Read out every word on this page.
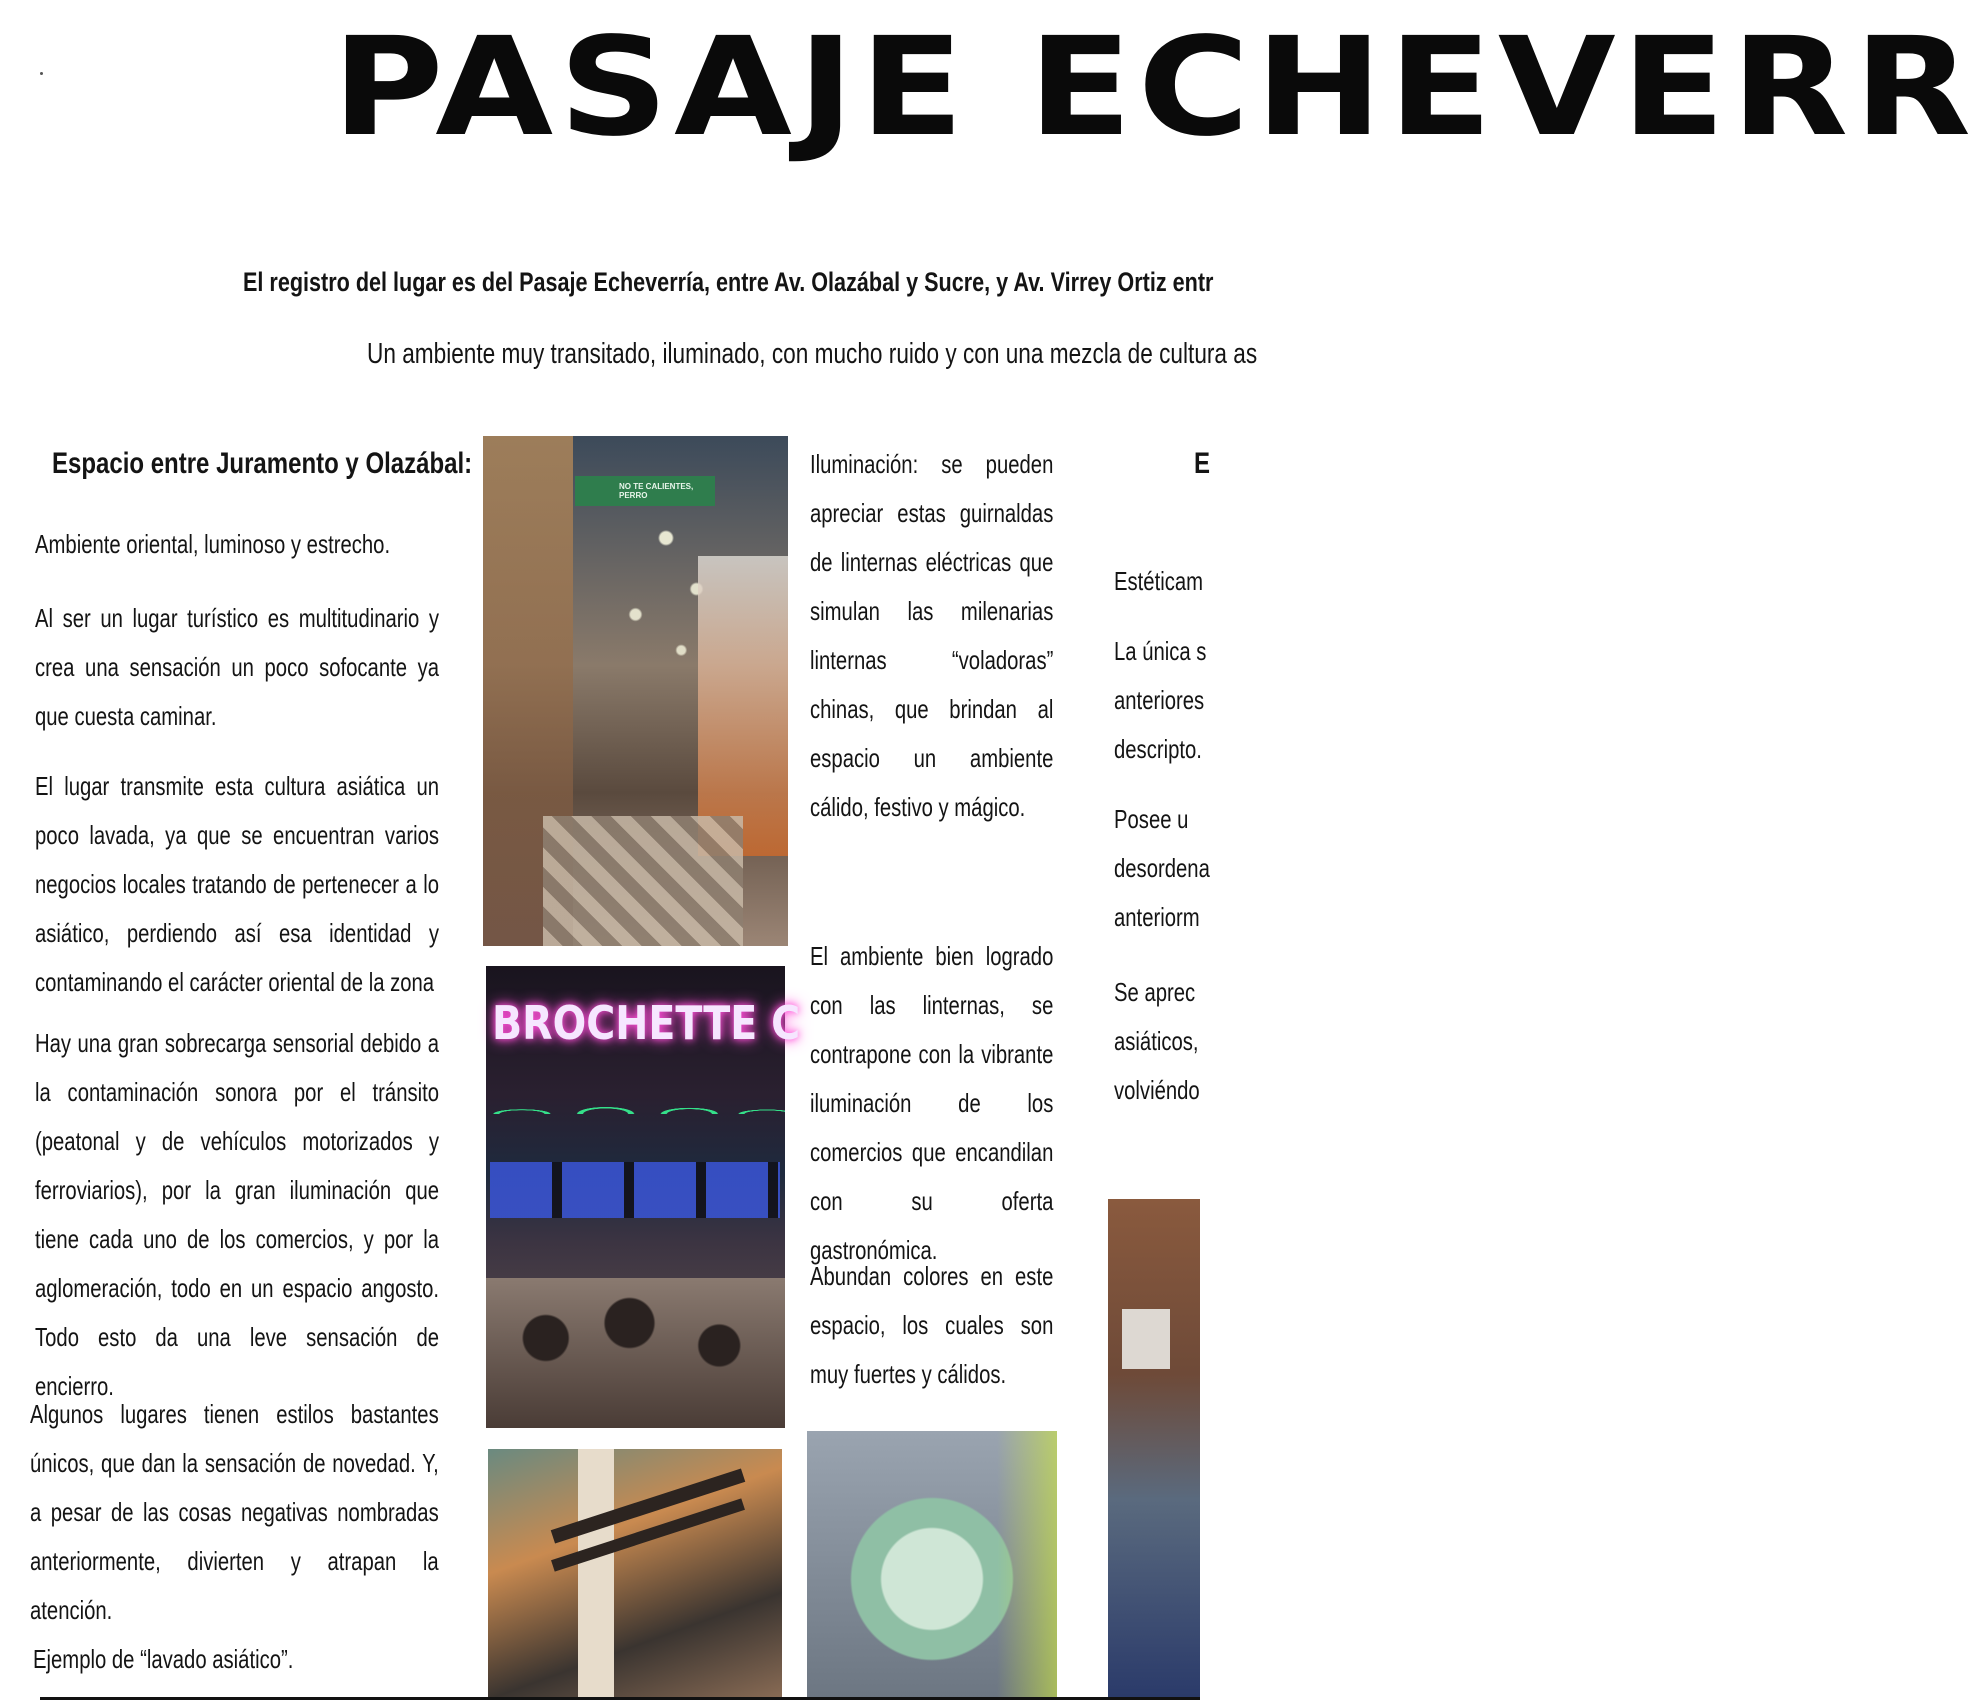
PASAJE ECHEVERR
El registro del lugar es del Pasaje Echeverría, entre Av. Olazábal y Sucre, y Av. Virrey Ortiz entr
Un ambiente muy transitado, iluminado, con mucho ruido y con una mezcla de cultura as
Espacio entre Juramento y Olazábal:
Ambiente oriental, luminoso y estrecho.
Al ser un lugar turístico es multitudinario y crea una sensación un poco sofocante ya que cuesta caminar.
El lugar transmite esta cultura asiática un poco lavada, ya que se encuentran varios negocios locales tratando de pertenecer a lo asiático, perdiendo así esa identidad y contaminando el carácter oriental de la zona
Hay una gran sobrecarga sensorial debido a la contaminación sonora por el tránsito (peatonal y de vehículos motorizados y ferroviarios), por la gran iluminación que tiene cada uno de los comercios, y por la aglomeración, todo en un espacio angosto. Todo esto da una leve sensación de encierro.
Algunos lugares tienen estilos bastantes únicos, que dan la sensación de novedad. Y, a pesar de las cosas negativas nombradas anteriormente, divierten y atrapan la atención.
Ejemplo de “lavado asiático”.
NO TE CALIENTES, PERRO
BROCHETTE C
Iluminación: se pueden apreciar estas guirnaldas de linternas eléctricas que simulan las milenarias linternas “voladoras” chinas, que brindan al espacio un ambiente cálido, festivo y mágico.
El ambiente bien logrado con las linternas, se contrapone con la vibrante iluminación de los comercios que encandilan con su oferta gastronómica.
Abundan colores en este espacio, los cuales son muy fuertes y cálidos.
E
Estéticam
La única s
anteriores
descripto.
Posee u
desordena
anteriorm
Se aprec
asiáticos,
volviéndo
